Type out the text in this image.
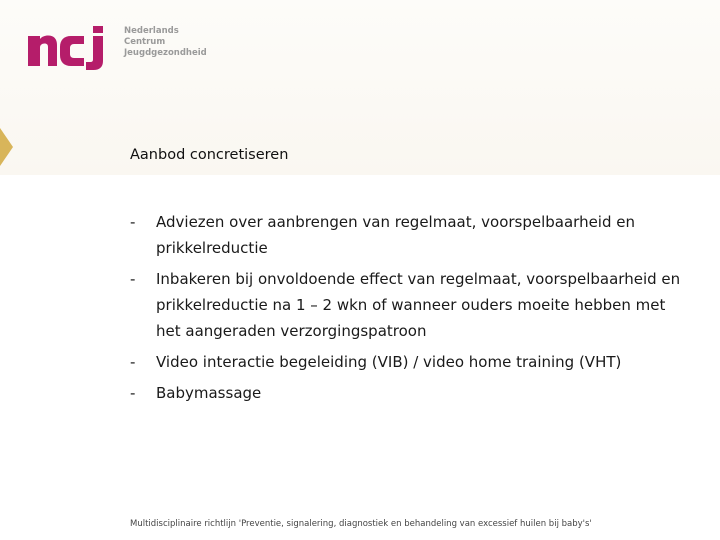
Nederlands
Centrum
Jeugdgezondheid
Aanbod concretiseren
-	Adviezen over aanbrengen van regelmaat, voorspelbaarheid en prikkelreductie
-	Inbakeren bij onvoldoende effect van regelmaat, voorspelbaarheid en prikkelreductie na 1 – 2 wkn of wanneer ouders moeite hebben met het aangeraden verzorgingspatroon
-	Video interactie begeleiding (VIB) / video home training (VHT)
-	Babymassage
Multidisciplinaire richtlijn 'Preventie, signalering, diagnostiek en behandeling van excessief huilen bij baby's'
